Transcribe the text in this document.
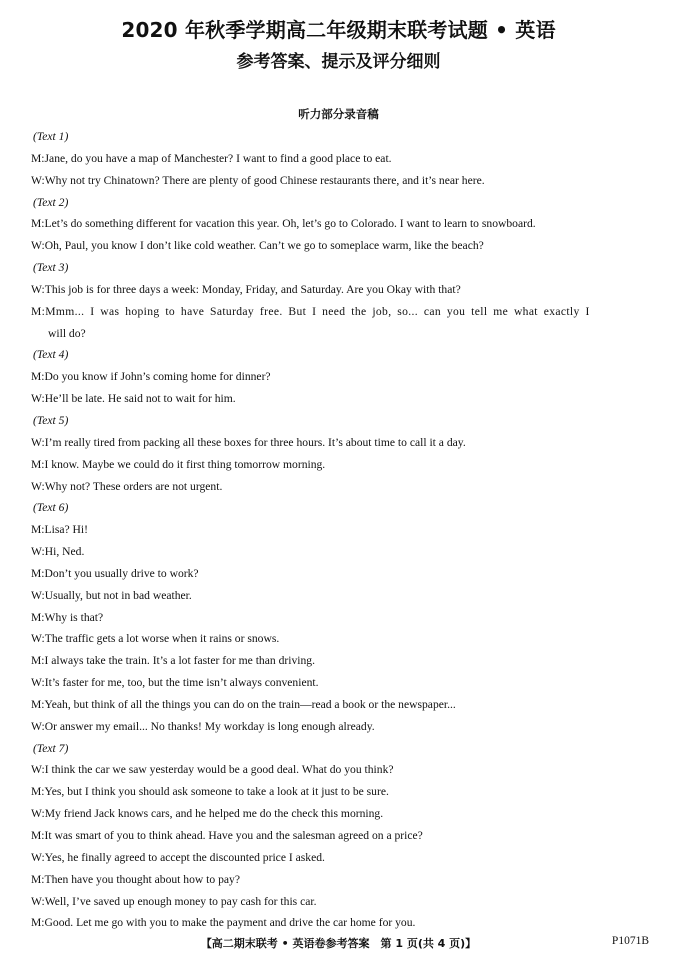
2020 年秋季学期高二年级期末联考试题 • 英语
参考答案、提示及评分细则
听力部分录音稿
(Text 1)
M:Jane, do you have a map of Manchester? I want to find a good place to eat.
W:Why not try Chinatown? There are plenty of good Chinese restaurants there, and it’s near here.
(Text 2)
M:Let’s do something different for vacation this year. Oh, let’s go to Colorado. I want to learn to snowboard.
W:Oh, Paul, you know I don’t like cold weather. Can’t we go to someplace warm, like the beach?
(Text 3)
W:This job is for three days a week: Monday, Friday, and Saturday. Are you Okay with that?
M:Mmm... I was hoping to have Saturday free. But I need the job, so... can you tell me what exactly I
will do?
(Text 4)
M:Do you know if John’s coming home for dinner?
W:He’ll be late. He said not to wait for him.
(Text 5)
W:I’m really tired from packing all these boxes for three hours. It’s about time to call it a day.
M:I know. Maybe we could do it first thing tomorrow morning.
W:Why not? These orders are not urgent.
(Text 6)
M:Lisa? Hi!
W:Hi, Ned.
M:Don’t you usually drive to work?
W:Usually, but not in bad weather.
M:Why is that?
W:The traffic gets a lot worse when it rains or snows.
M:I always take the train. It’s a lot faster for me than driving.
W:It’s faster for me, too, but the time isn’t always convenient.
M:Yeah, but think of all the things you can do on the train—read a book or the newspaper...
W:Or answer my email... No thanks! My workday is long enough already.
(Text 7)
W:I think the car we saw yesterday would be a good deal. What do you think?
M:Yes, but I think you should ask someone to take a look at it just to be sure.
W:My friend Jack knows cars, and he helped me do the check this morning.
M:It was smart of you to think ahead. Have you and the salesman agreed on a price?
W:Yes, he finally agreed to accept the discounted price I asked.
M:Then have you thought about how to pay?
W:Well, I’ve saved up enough money to pay cash for this car.
M:Good. Let me go with you to make the payment and drive the car home for you.
【高二期末联考 • 英语卷参考答案　第 1 页(共 4 页)】	P1071B
